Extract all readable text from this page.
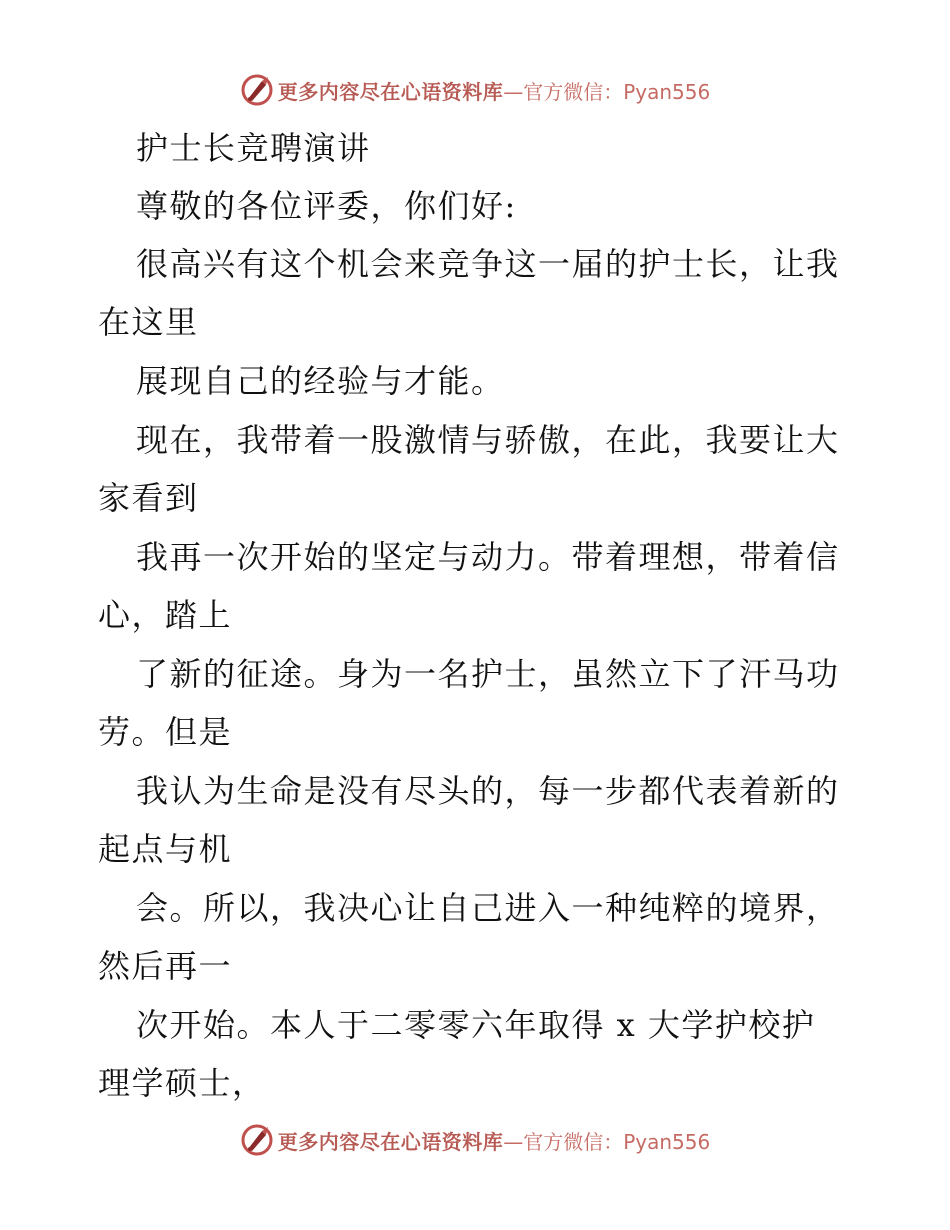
更多内容尽在心语资料库 —官方微信：Pyan556
护士长竞聘演讲
尊敬的各位评委，你们好:
很高兴有这个机会来竞争这一届的护士长，让我
在这里
展现自己的经验与才能。
现在，我带着一股激情与骄傲，在此，我要让大
家看到
我再一次开始的坚定与动力。带着理想，带着信
心，踏上
了新的征途。身为一名护士，虽然立下了汗马功
劳。但是
我认为生命是没有尽头的，每一步都代表着新的
起点与机
会。所以，我决心让自己进入一种纯粹的境界，
然后再一
次开始。本人于二零零六年取得 x 大学护校护
理学硕士，
更多内容尽在心语资料库 —官方微信：Pyan556
